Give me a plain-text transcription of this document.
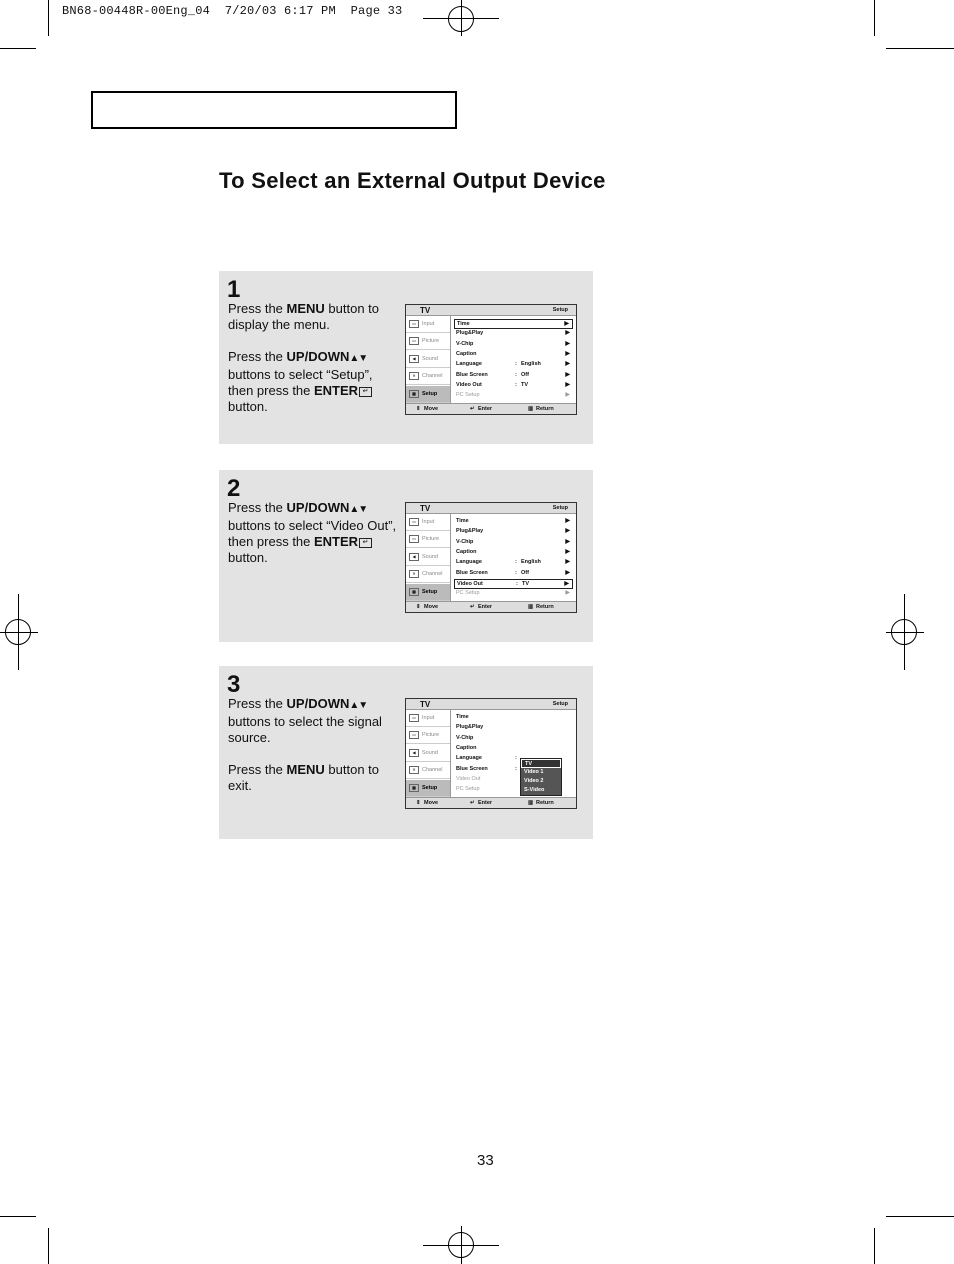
BN68-00448R-00Eng_04  7/20/03 6:17 PM  Page 33
To Select an External Output Device
1

Press the MENU button to display the menu.

Press the UP/DOWN▲▼ buttons to select “Setup”, then press the ENTER ↵ button.

TV	Setup
▭	Input
▭	Picture
◀	Sound
✕	Channel
▦	Setup
Time	▶
Plug&Play	▶
V-Chip	▶
Caption	▶
Language	: English	▶
Blue Screen	: Off	▶
Video Out	: TV	▶
PC Setup	▶
⇕ Move	↵ Enter	▥ Return
2

Press the UP/DOWN▲▼ buttons to select “Video Out”, then press the ENTER ↵ button.

TV	Setup
▭	Input
▭	Picture
◀	Sound
✕	Channel
▦	Setup
Time	▶
Plug&Play	▶
V-Chip	▶
Caption	▶
Language	: English	▶
Blue Screen	: Off	▶
Video Out	: TV	▶
PC Setup	▶
⇕ Move	↵ Enter	▥ Return
3

Press the UP/DOWN▲▼ buttons to select the signal source.

Press the MENU button to exit.

TV	Setup
▭	Input
▭	Picture
◀	Sound
✕	Channel
▦	Setup
Time
Plug&Play
V-Chip
Caption
Language	:
Blue Screen	:
Video Out
PC Setup
TV
Video 1
Video 2
S-Video
⇕ Move	↵ Enter	▥ Return
33
